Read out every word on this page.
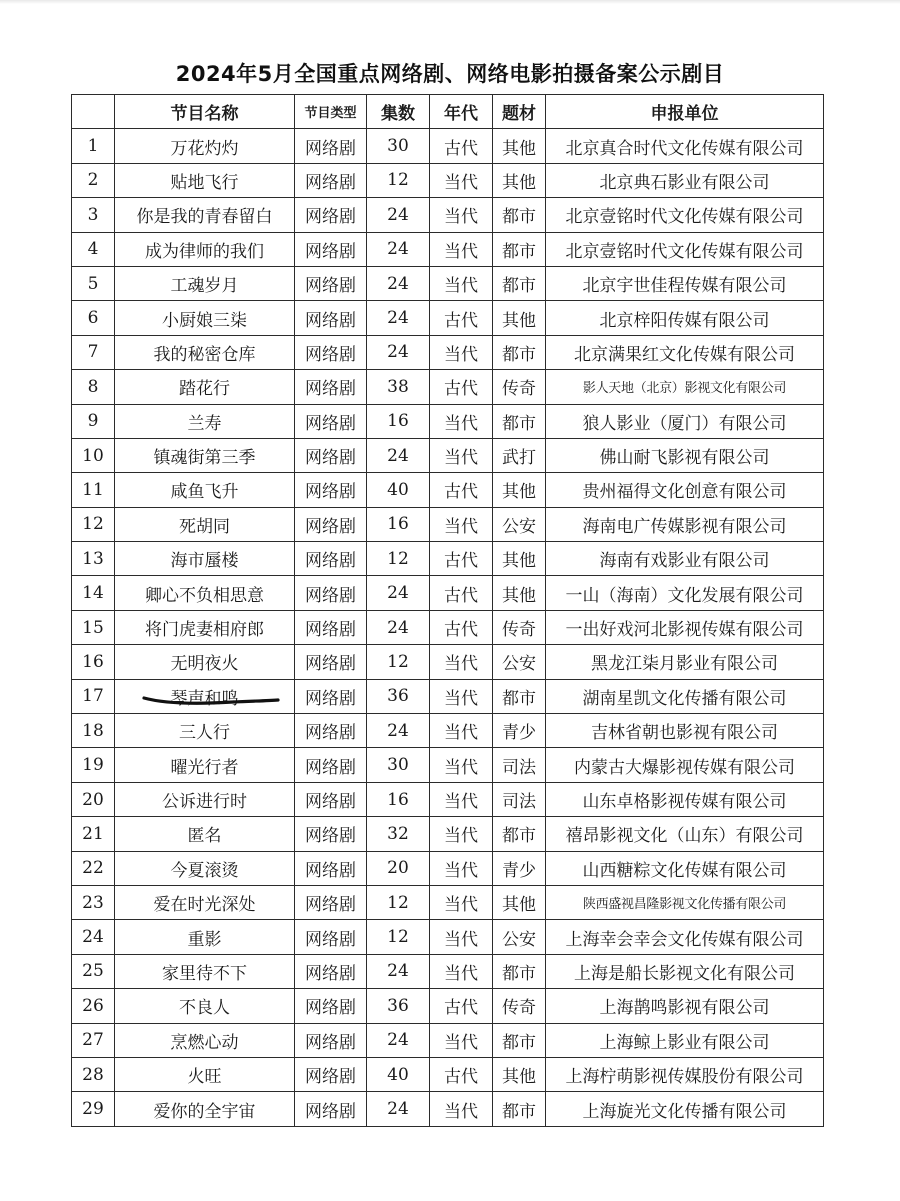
2024年5月全国重点网络剧、网络电影拍摄备案公示剧目
	节目名称	节目类型	集数	年代	题材	申报单位
1	万花灼灼	网络剧	30	古代	其他	北京真合时代文化传媒有限公司
2	贴地飞行	网络剧	12	当代	其他	北京典石影业有限公司
3	你是我的青春留白	网络剧	24	当代	都市	北京壹铭时代文化传媒有限公司
4	成为律师的我们	网络剧	24	当代	都市	北京壹铭时代文化传媒有限公司
5	工魂岁月	网络剧	24	当代	都市	北京宇世佳程传媒有限公司
6	小厨娘三柒	网络剧	24	古代	其他	北京梓阳传媒有限公司
7	我的秘密仓库	网络剧	24	当代	都市	北京满果红文化传媒有限公司
8	踏花行	网络剧	38	古代	传奇	影人天地（北京）影视文化有限公司
9	兰寿	网络剧	16	当代	都市	狼人影业（厦门）有限公司
10	镇魂街第三季	网络剧	24	当代	武打	佛山耐飞影视有限公司
11	咸鱼飞升	网络剧	40	古代	其他	贵州福得文化创意有限公司
12	死胡同	网络剧	16	当代	公安	海南电广传媒影视有限公司
13	海市蜃楼	网络剧	12	古代	其他	海南有戏影业有限公司
14	卿心不负相思意	网络剧	24	古代	其他	一山（海南）文化发展有限公司
15	将门虎妻相府郎	网络剧	24	古代	传奇	一出好戏河北影视传媒有限公司
16	无明夜火	网络剧	12	当代	公安	黑龙江柒月影业有限公司
17	琴声和鸣	网络剧	36	当代	都市	湖南星凯文化传播有限公司
18	三人行	网络剧	24	当代	青少	吉林省朝也影视有限公司
19	曜光行者	网络剧	30	当代	司法	内蒙古大爆影视传媒有限公司
20	公诉进行时	网络剧	16	当代	司法	山东卓格影视传媒有限公司
21	匿名	网络剧	32	当代	都市	禧昂影视文化（山东）有限公司
22	今夏滚烫	网络剧	20	当代	青少	山西糖粽文化传媒有限公司
23	爱在时光深处	网络剧	12	当代	其他	陕西盛视昌隆影视文化传播有限公司
24	重影	网络剧	12	当代	公安	上海幸会幸会文化传媒有限公司
25	家里待不下	网络剧	24	当代	都市	上海是船长影视文化有限公司
26	不良人	网络剧	36	古代	传奇	上海鹊鸣影视有限公司
27	烹燃心动	网络剧	24	当代	都市	上海鲸上影业有限公司
28	火旺	网络剧	40	古代	其他	上海柠萌影视传媒股份有限公司
29	爱你的全宇宙	网络剧	24	当代	都市	上海旋光文化传播有限公司
